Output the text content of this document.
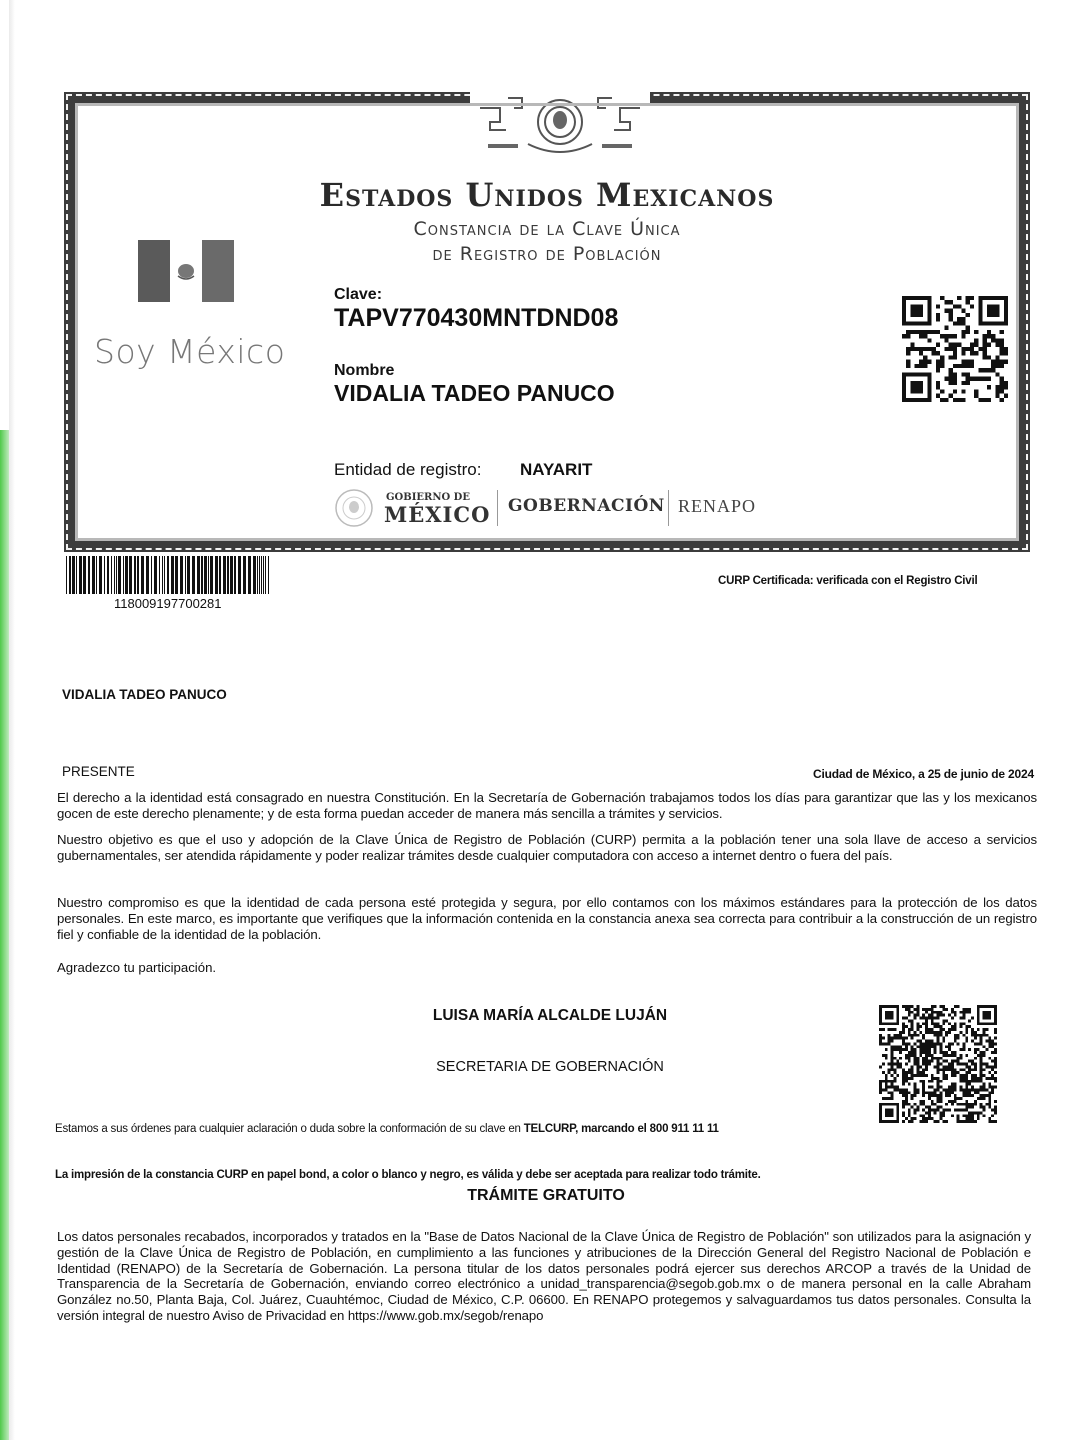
Estados Unidos Mexicanos
Constancia de la Clave Única
de Registro de Población
Soy México
Clave:
TAPV770430MNTDND08
Nombre
VIDALIA TADEO PANUCO
Entidad de registro: NAYARIT
GOBIERNO DE
MÉXICO GOBERNACIÓN RENAPO
118009197700281
CURP Certificada: verificada con el Registro Civil
VIDALIA TADEO PANUCO
PRESENTE	Ciudad de México, a 25 de junio de 2024

El derecho a la identidad está consagrado en nuestra Constitución. En la Secretaría de Gobernación trabajamos todos los días para garantizar que las y los mexicanos gocen de este derecho plenamente; y de esta forma puedan acceder de manera más sencilla a trámites y servicios.

Nuestro objetivo es que el uso y adopción de la Clave Única de Registro de Población (CURP) permita a la población tener una sola llave de acceso a servicios gubernamentales, ser atendida rápidamente y poder realizar trámites desde cualquier computadora con acceso a internet dentro o fuera del país.

Nuestro compromiso es que la identidad de cada persona esté protegida y segura, por ello contamos con los máximos estándares para la protección de los datos personales. En este marco, es importante que verifiques que la información contenida en la constancia anexa sea correcta para contribuir a la construcción de un registro fiel y confiable de la identidad de la población.

Agradezco tu participación.
LUISA MARÍA ALCALDE LUJÁN
SECRETARIA DE GOBERNACIÓN
Estamos a sus órdenes para cualquier aclaración o duda sobre la conformación de su clave en TELCURP, marcando el 800 911 11 11
La impresión de la constancia CURP en papel bond, a color o blanco y negro, es válida y debe ser aceptada para realizar todo trámite.
TRÁMITE GRATUITO

Los datos personales recabados, incorporados y tratados en la "Base de Datos Nacional de la Clave Única de Registro de Población" son utilizados para la asignación y gestión de la Clave Única de Registro de Población, en cumplimiento a las funciones y atribuciones de la Dirección General del Registro Nacional de Población e Identidad (RENAPO) de la Secretaría de Gobernación. La persona titular de los datos personales podrá ejercer sus derechos ARCOP a través de la Unidad de Transparencia de la Secretaría de Gobernación, enviando correo electrónico a unidad_transparencia@segob.gob.mx o de manera personal en la calle Abraham González no.50, Planta Baja, Col. Juárez, Cuauhtémoc, Ciudad de México, C.P. 06600. En RENAPO protegemos y salvaguardamos tus datos personales. Consulta la versión integral de nuestro Aviso de Privacidad en https://www.gob.mx/segob/renapo
